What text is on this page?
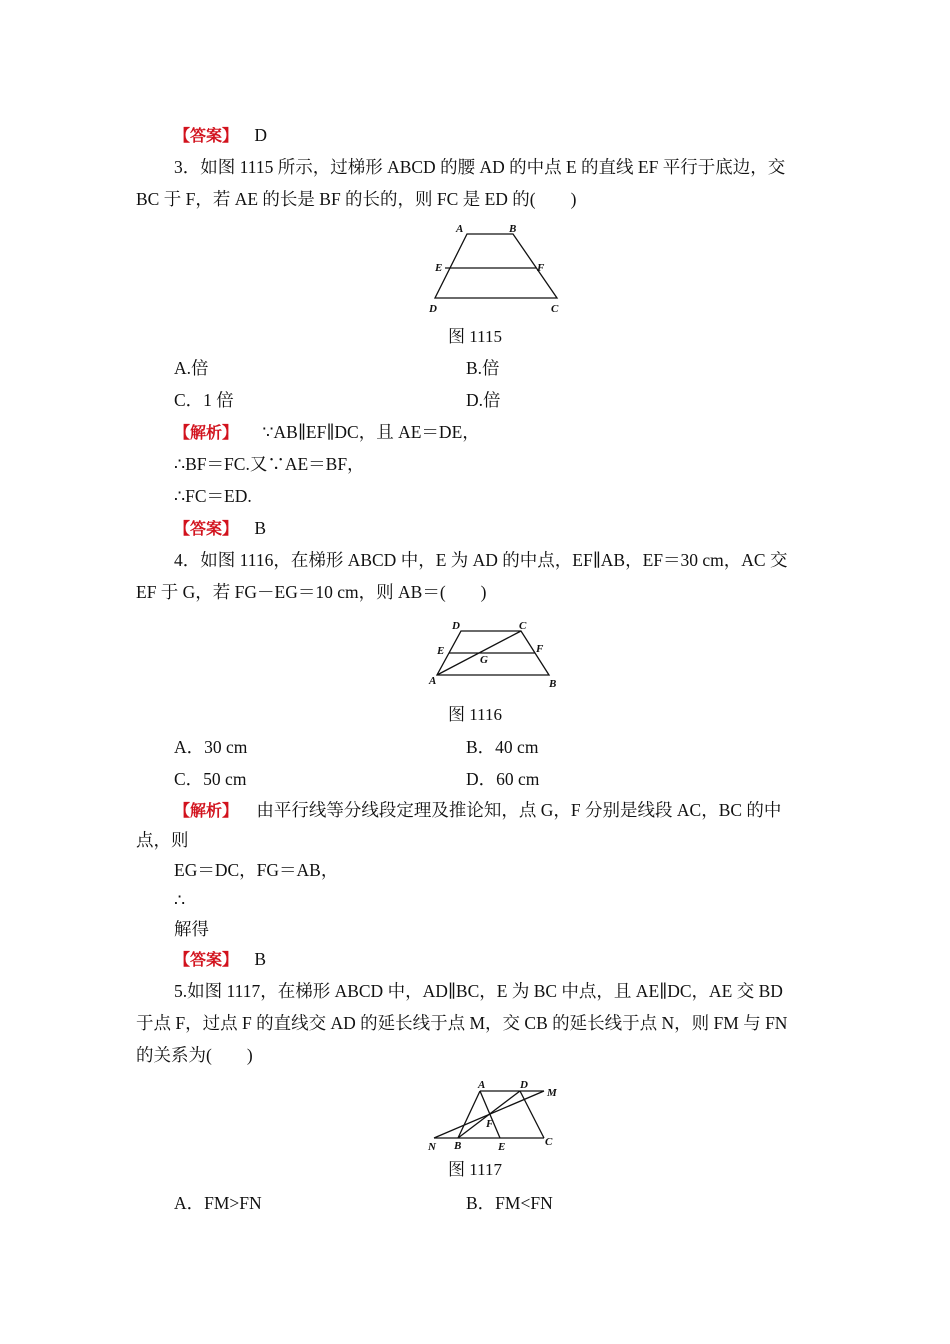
【答案】 D
3．如图 1115 所示，过梯形 ABCD 的腰 AD 的中点 E 的直线 EF 平行于底边，交
BC 于 F，若 AE 的长是 BF 的长的，则 FC 是 ED 的(　　)
A	B
C
D
E	F
图 1115
A.倍	B.倍
C．1 倍	D.倍
【解析】 ∵AB∥EF∥DC，且 AE＝DE，
∴BF＝FC.又∵AE＝BF，
∴FC＝ED.
【答案】 B
4．如图 1116，在梯形 ABCD 中，E 为 AD 的中点，EF∥AB，EF＝30 cm，AC 交
EF 于 G，若 FG－EG＝10 cm，则 AB＝(　　)
D	C
E	F
G
A	B
图 1116
A．30 cm	B．40 cm
C．50 cm	D．60 cm
【解析】 由平行线等分线段定理及推论知，点 G，F 分别是线段 AC，BC 的中
点，则
EG＝DC，FG＝AB，
∴
解得
【答案】 B
5.如图 1117，在梯形 ABCD 中，AD∥BC，E 为 BC 中点，且 AE∥DC，AE 交 BD
于点 F，过点 F 的直线交 AD 的延长线于点 M，交 CB 的延长线于点 N，则 FM 与 FN
的关系为(　　)
A	D
M
F
N B	E	C
图 1117
A．FM>FN	B．FM<FN
